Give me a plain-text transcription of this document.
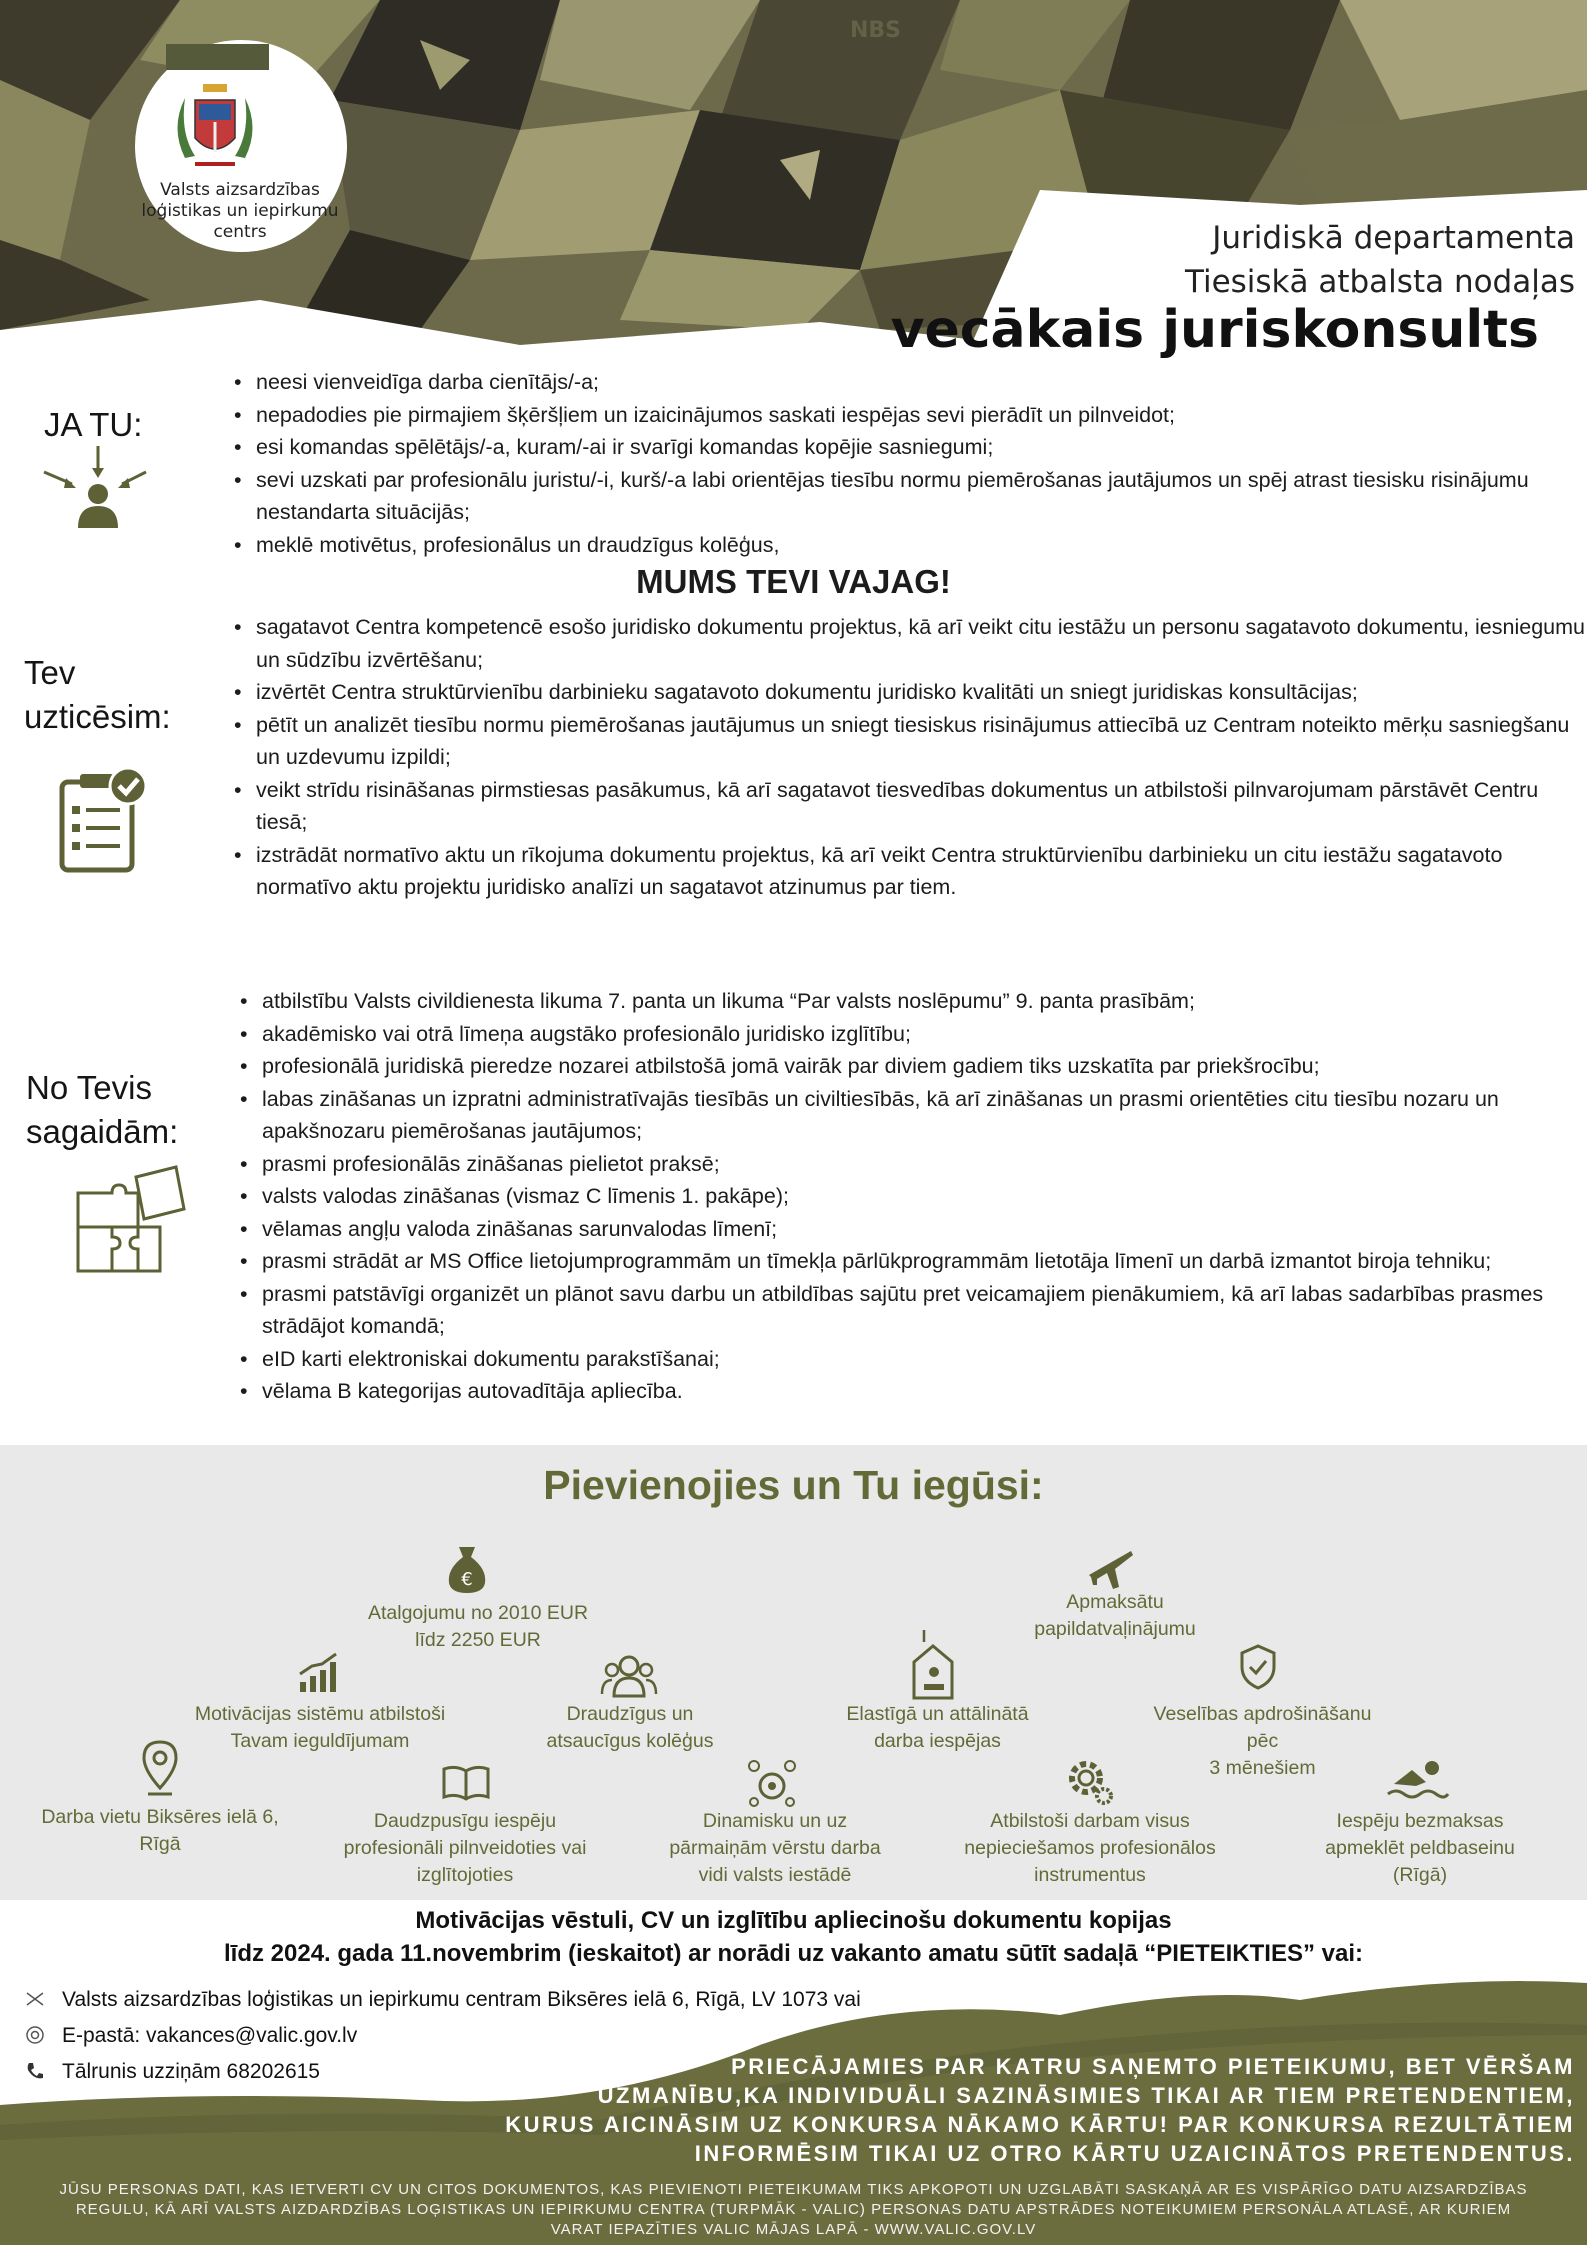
NBS
Valsts aizsardzības
loģistikas un iepirkumu
centrs	Juridiskā departamenta
Tiesiskā atbalsta nodaļas
vecākais juriskonsults
JA TU:
• neesi vienveidīga darba cienītājs/-a;
• nepadodies pie pirmajiem šķēršļiem un izaicinājumos saskati iespējas sevi pierādīt un pilnveidot;
• esi komandas spēlētājs/-a, kuram/-ai ir svarīgi komandas kopējie sasniegumi;
• sevi uzskati par profesionālu juristu/-i, kurš/-a labi orientējas tiesību normu piemērošanas jautājumos un spēj atrast tiesisku risinājumu nestandarta situācijās;
• meklē motivētus, profesionālus un draudzīgus kolēģus,
MUMS TEVI VAJAG!
Tev
uzticēsim:
• sagatavot Centra kompetencē esošo juridisko dokumentu projektus, kā arī veikt citu iestāžu un personu sagatavoto dokumentu, iesniegumu un sūdzību izvērtēšanu;
• izvērtēt Centra struktūrvienību darbinieku sagatavoto dokumentu juridisko kvalitāti un sniegt juridiskas konsultācijas;
• pētīt un analizēt tiesību normu piemērošanas jautājumus un sniegt tiesiskus risinājumus attiecībā uz Centram noteikto mērķu sasniegšanu un uzdevumu izpildi;
• veikt strīdu risināšanas pirmstiesas pasākumus, kā arī sagatavot tiesvedības dokumentus un atbilstoši pilnvarojumam pārstāvēt Centru tiesā;
• izstrādāt normatīvo aktu un rīkojuma dokumentu projektus, kā arī veikt Centra struktūrvienību darbinieku un citu iestāžu sagatavoto normatīvo aktu projektu juridisko analīzi un sagatavot atzinumus par tiem.
No Tevis
sagaidām:
• atbilstību Valsts civildienesta likuma 7. panta un likuma “Par valsts noslēpumu” 9. panta prasībām;
• akadēmisko vai otrā līmeņa augstāko profesionālo juridisko izglītību;
• profesionālā juridiskā pieredze nozarei atbilstošā jomā vairāk par diviem gadiem tiks uzskatīta par priekšrocību;
• labas zināšanas un izpratni administratīvajās tiesībās un civiltiesībās, kā arī zināšanas un prasmi orientēties citu tiesību nozaru un apakšnozaru piemērošanas jautājumos;
• prasmi profesionālās zināšanas pielietot praksē;
• valsts valodas zināšanas (vismaz C līmenis 1. pakāpe);
• vēlamas angļu valoda zināšanas sarunvalodas līmenī;
• prasmi strādāt ar MS Office lietojumprogrammām un tīmekļa pārlūkprogrammām lietotāja līmenī un darbā izmantot biroja tehniku;
• prasmi patstāvīgi organizēt un plānot savu darbu un atbildības sajūtu pret veicamajiem pienākumiem, kā arī labas sadarbības prasmes strādājot komandā;
• eID karti elektroniskai dokumentu parakstīšanai;
• vēlama B kategorijas autovadītāja apliecība.
Pievienojies un Tu iegūsi:
€
Atalgojumu no 2010 EUR
līdz 2250 EUR
Apmaksātu
papildatvaļinājumu
Motivācijas sistēmu atbilstoši
Tavam ieguldījumam
Draudzīgus un
atsaucīgus kolēģus
Elastīgā un attālinātā
darba iespējas
Veselības apdrošināšanu
pēc
3 mēnešiem
Darba vietu Biksēres ielā 6,
Rīgā
Daudzpusīgu iespēju
profesionāli pilnveidoties vai
izglītojoties
Dinamisku un uz
pārmaiņām vērstu darba
vidi valsts iestādē
Atbilstoši darbam visus
nepieciešamos profesionālos
instrumentus
Iespēju bezmaksas
apmeklēt peldbaseinu
(Rīgā)
Motivācijas vēstuli, CV un izglītību apliecinošu dokumentu kopijas
līdz 2024. gada 11.novembrim (ieskaitot) ar norādi uz vakanto amatu sūtīt sadaļā “PIETEIKTIES” vai:
Valsts aizsardzības loģistikas un iepirkumu centram Biksēres ielā 6, Rīgā, LV 1073 vai
E-pastā: vakances@valic.gov.lv
Tālrunis uzziņām 68202615	PRIECĀJAMIES PAR KATRU SAŅEMTO PIETEIKUMU, BET VĒRŠAM
UZMANĪBU,KA INDIVIDUĀLI SAZINĀSIMIES TIKAI AR TIEM PRETENDENTIEM,
KURUS AICINĀSIM UZ KONKURSA NĀKAMO KĀRTU! PAR KONKURSA REZULTĀTIEM
INFORMĒSIM TIKAI UZ OTRO KĀRTU UZAICINĀTOS PRETENDENTUS.
JŪSU PERSONAS DATI, KAS IETVERTI CV UN CITOS DOKUMENTOS, KAS PIEVIENOTI PIETEIKUMAM TIKS APKOPOTI UN UZGLABĀTI SASKAŅĀ AR ES VISPĀRĪGO DATU AIZSARDZĪBAS
REGULU, KĀ ARĪ VALSTS AIZDARDZĪBAS LOĢISTIKAS UN IEPIRKUMU CENTRA (TURPMĀK - VALIC) PERSONAS DATU APSTRĀDES NOTEIKUMIEM PERSONĀLA ATLASĒ, AR KURIEM
VARAT IEPAZĪTIES VALIC MĀJAS LAPĀ - WWW.VALIC.GOV.LV
